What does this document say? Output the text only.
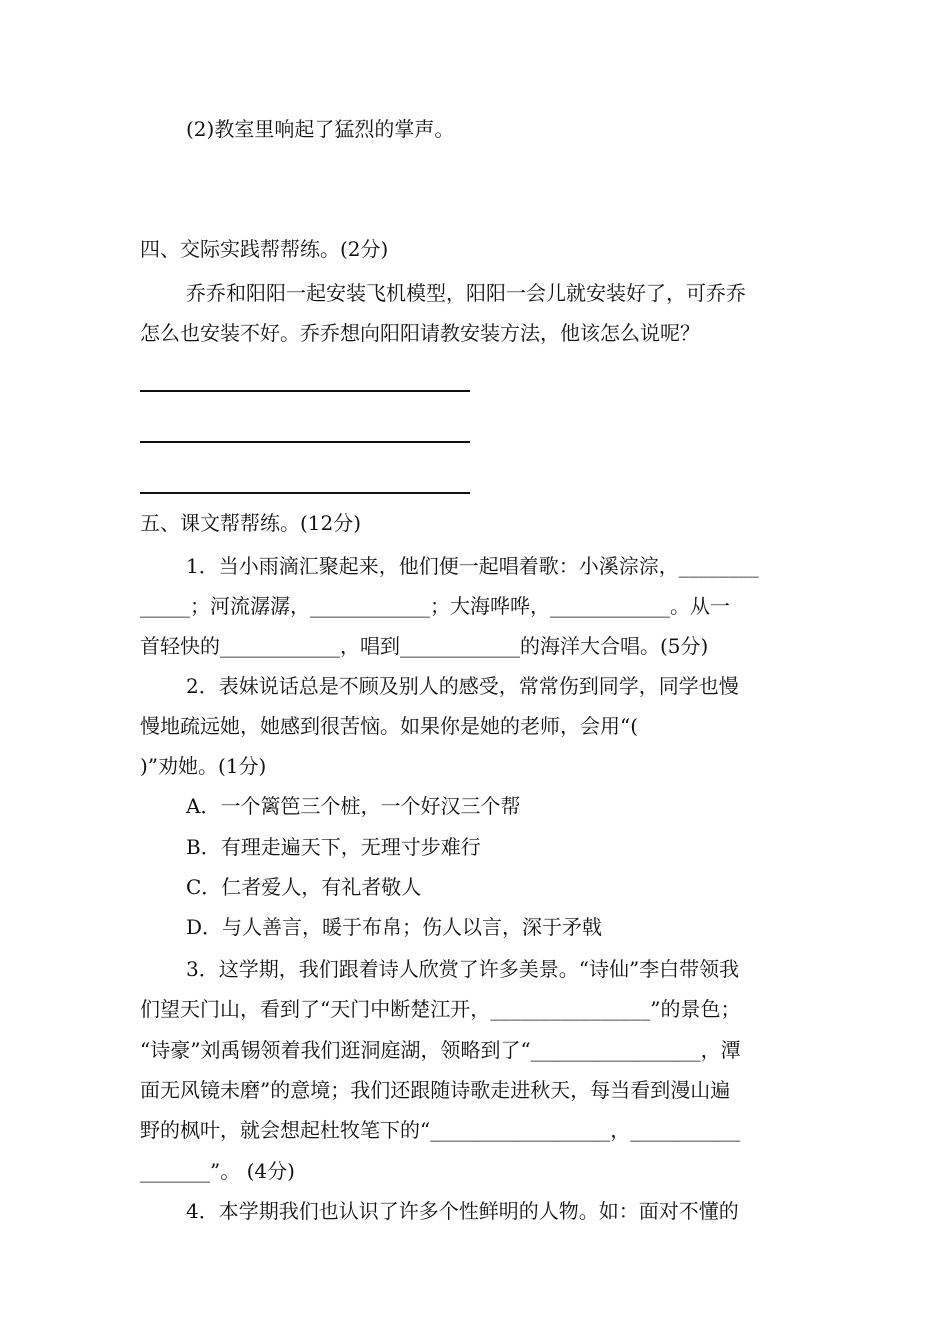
(2)教室里响起了猛烈的掌声。
四、交际实践帮帮练。(2分)
乔乔和阳阳一起安装飞机模型，阳阳一会儿就安装好了，可乔乔
怎么也安装不好。乔乔想向阳阳请教安装方法，他该怎么说呢？
五、课文帮帮练。(12分)
1．当小雨滴汇聚起来，他们便一起唱着歌：小溪淙淙，________
_____；河流潺潺，____________；大海哗哗，____________。从一
首轻快的____________，唱到____________的海洋大合唱。(5分)
2．表妹说话总是不顾及别人的感受，常常伤到同学，同学也慢
慢地疏远她，她感到很苦恼。如果你是她的老师，会用“(
)”劝她。(1分)
A．一个篱笆三个桩，一个好汉三个帮
B．有理走遍天下，无理寸步难行
C．仁者爱人，有礼者敬人
D．与人善言，暖于布帛；伤人以言，深于矛戟
3．这学期，我们跟着诗人欣赏了许多美景。“诗仙”李白带领我
们望天门山，看到了“天门中断楚江开，________________”的景色；
“诗豪”刘禹锡领着我们逛洞庭湖，领略到了“_________________，潭
面无风镜未磨”的意境；我们还跟随诗歌走进秋天，每当看到漫山遍
野的枫叶，就会想起杜牧笔下的“__________________，___________
_______”。 (4分)
4．本学期我们也认识了许多个性鲜明的人物。如：面对不懂的
